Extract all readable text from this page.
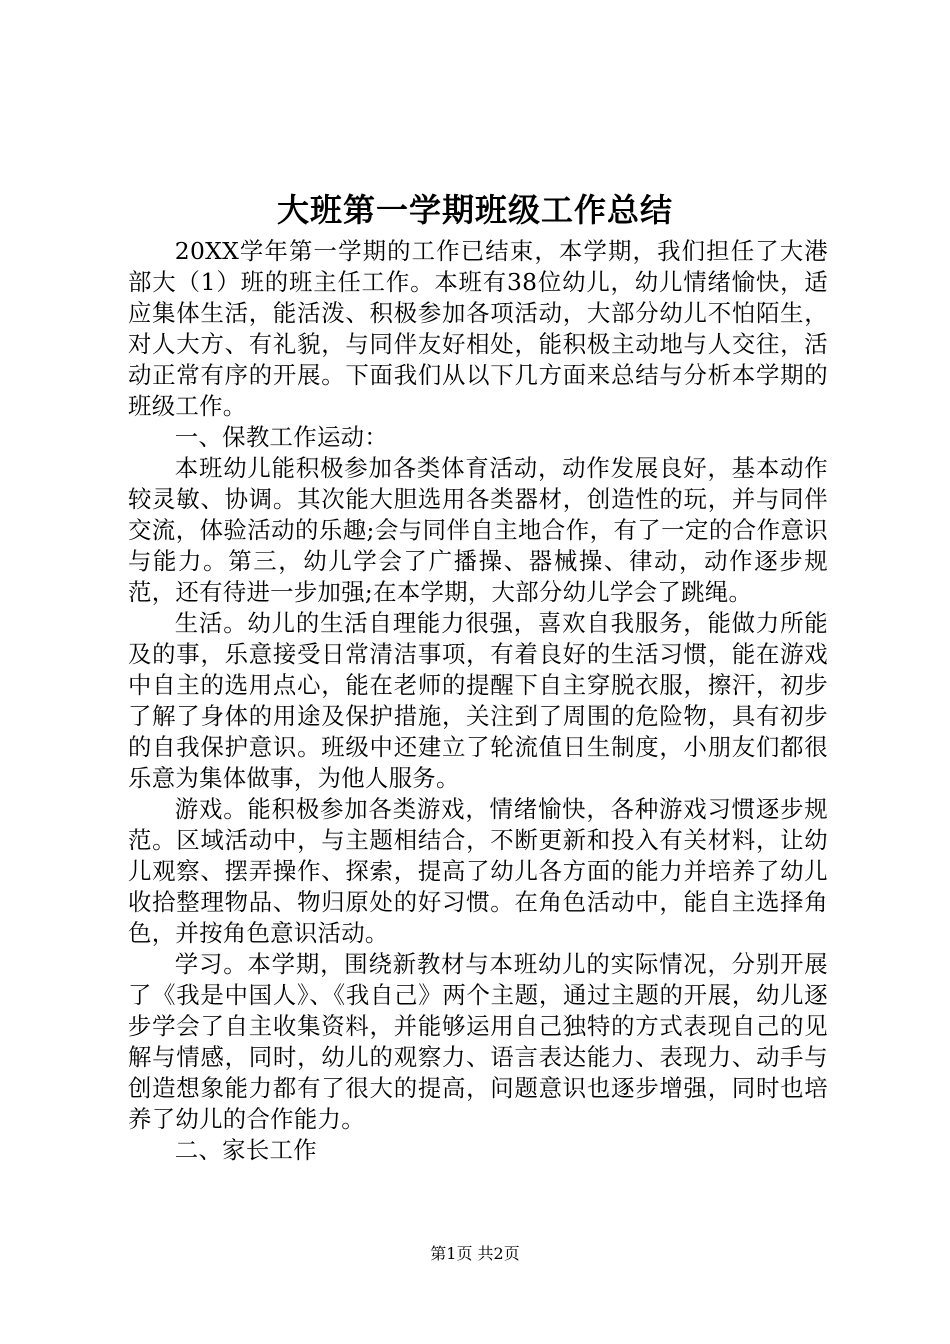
大班第一学期班级工作总结

20XX学年第一学期的工作已结束，本学期，我们担任了大港部大（1）班的班主任工作。本班有38位幼儿，幼儿情绪愉快，适应集体生活，能活泼、积极参加各项活动，大部分幼儿不怕陌生，对人大方、有礼貌，与同伴友好相处，能积极主动地与人交往，活动正常有序的开展。下面我们从以下几方面来总结与分析本学期的班级工作。

一、保教工作运动：

本班幼儿能积极参加各类体育活动，动作发展良好，基本动作较灵敏、协调。其次能大胆选用各类器材，创造性的玩，并与同伴交流，体验活动的乐趣;会与同伴自主地合作，有了一定的合作意识与能力。第三，幼儿学会了广播操、器械操、律动，动作逐步规范，还有待进一步加强;在本学期，大部分幼儿学会了跳绳。

生活。幼儿的生活自理能力很强，喜欢自我服务，能做力所能及的事，乐意接受日常清洁事项，有着良好的生活习惯，能在游戏中自主的选用点心，能在老师的提醒下自主穿脱衣服，擦汗，初步了解了身体的用途及保护措施，关注到了周围的危险物，具有初步的自我保护意识。班级中还建立了轮流值日生制度，小朋友们都很乐意为集体做事，为他人服务。

游戏。能积极参加各类游戏，情绪愉快，各种游戏习惯逐步规范。区域活动中，与主题相结合，不断更新和投入有关材料，让幼儿观察、摆弄操作、探索，提高了幼儿各方面的能力并培养了幼儿收拾整理物品、物归原处的好习惯。在角色活动中，能自主选择角色，并按角色意识活动。

学习。本学期，围绕新教材与本班幼儿的实际情况，分别开展了《我是中国人》、《我自己》两个主题，通过主题的开展，幼儿逐步学会了自主收集资料，并能够运用自己独特的方式表现自己的见解与情感，同时，幼儿的观察力、语言表达能力、表现力、动手与创造想象能力都有了很大的提高，问题意识也逐步增强，同时也培养了幼儿的合作能力。

二、家长工作

第1页 共2页
